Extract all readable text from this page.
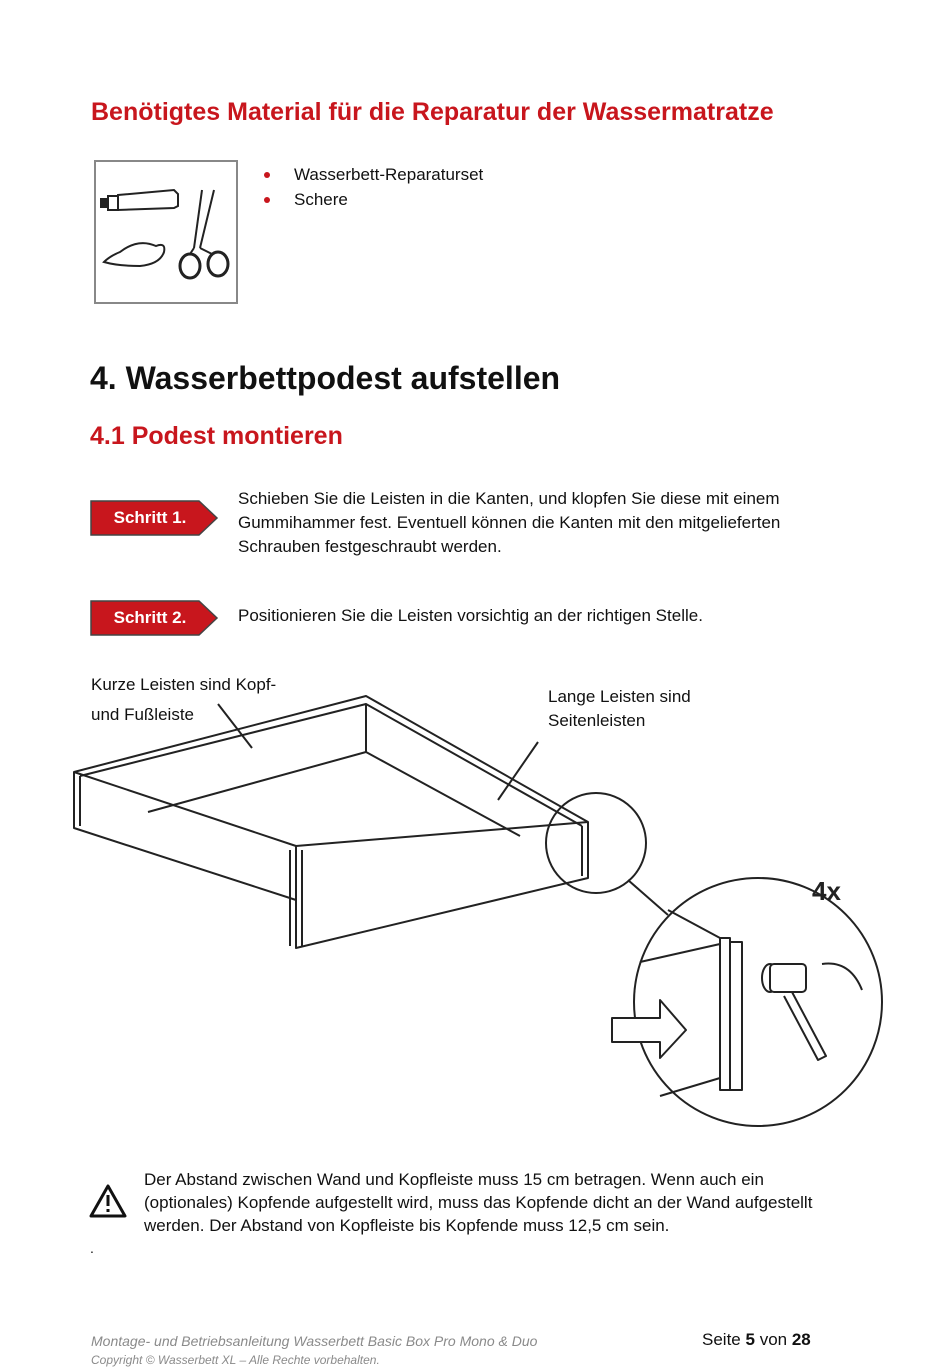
Benötigtes Material für die Reparatur der Wassermatratze
Wasserbett-Reparaturset
Schere
4. Wasserbettpodest aufstellen
4.1 Podest montieren
Schritt 1.
Schieben Sie die Leisten in die Kanten, und klopfen Sie diese mit einem Gummihammer fest. Eventuell können die Kanten mit den mitgelieferten Schrauben festgeschraubt werden.
Schritt 2.	Positionieren Sie die Leisten vorsichtig an der richtigen Stelle.
4x
Kurze Leisten sind Kopf-
und Fußleiste
Lange Leisten sind Seitenleisten
Der Abstand zwischen Wand und Kopfleiste muss 15 cm betragen. Wenn auch ein (optionales) Kopfende aufgestellt wird, muss das Kopfende dicht an der Wand aufgestellt werden. Der Abstand von Kopfleiste bis Kopfende muss 12,5 cm sein.
.
Montage- und Betriebsanleitung Wasserbett Basic Box Pro Mono & Duo
Copyright © Wasserbett XL – Alle Rechte vorbehalten.
Seite 5 von 28
